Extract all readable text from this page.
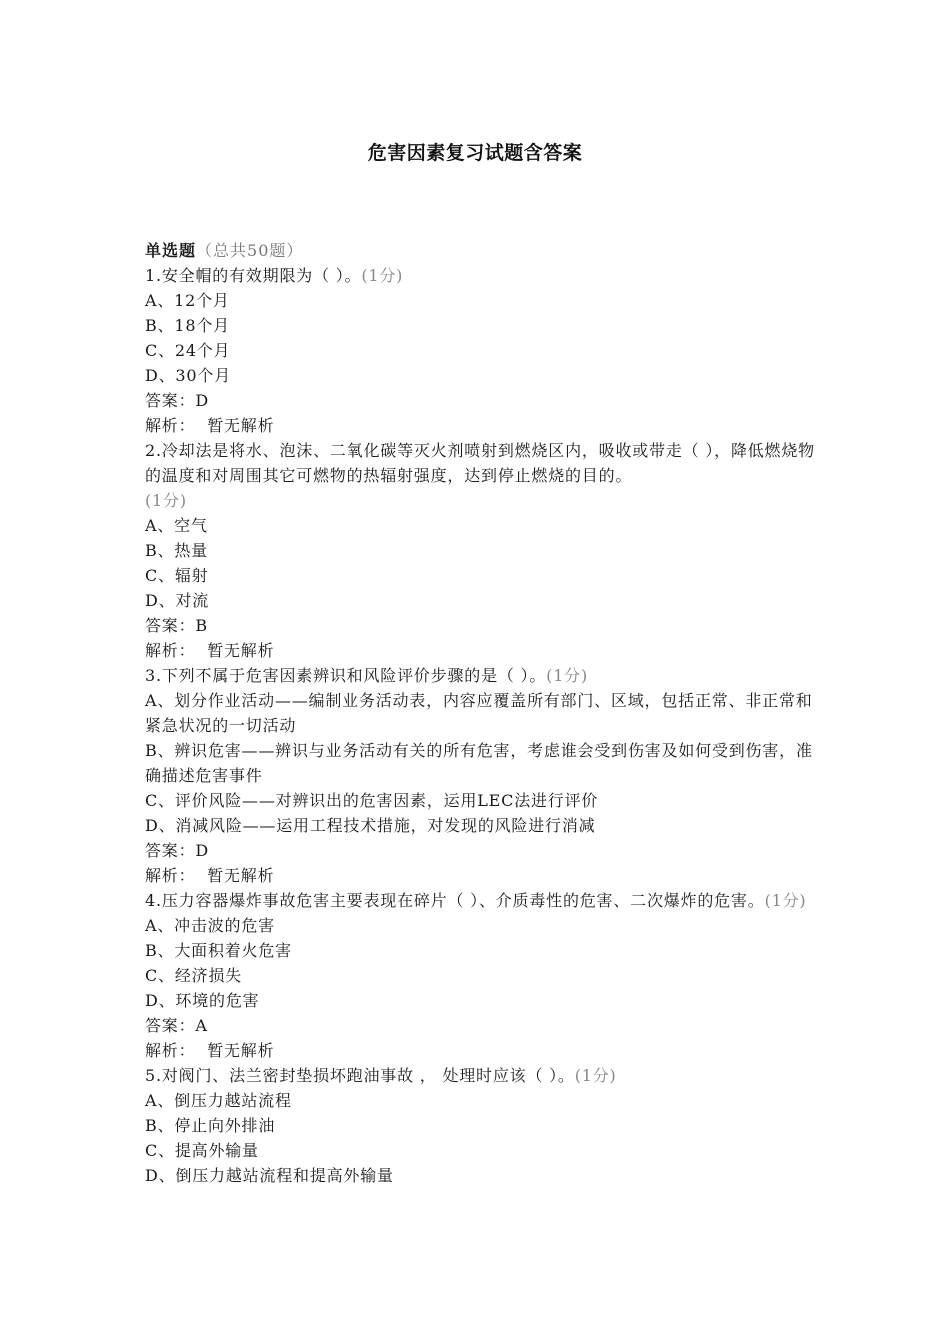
危害因素复习试题含答案

单选题（总共50题）

1.安全帽的有效期限为（ ）。(1分)

A、12个月

B、18个月

C、24个月

D、30个月

答案：D

解析： 暂无解析

2.冷却法是将水、泡沫、二氧化碳等灭火剂喷射到燃烧区内，吸收或带走（ ），降低燃烧物的温度和对周围其它可燃物的热辐射强度，达到停止燃烧的目的。
(1分)

A、空气

B、热量

C、辐射

D、对流

答案：B

解析： 暂无解析

3.下列不属于危害因素辨识和风险评价步骤的是（ ）。(1分)

A、划分作业活动——编制业务活动表，内容应覆盖所有部门、区域，包括正常、非正常和紧急状况的一切活动

B、辨识危害——辨识与业务活动有关的所有危害，考虑谁会受到伤害及如何受到伤害，准确描述危害事件

C、评价风险——对辨识出的危害因素，运用LEC法进行评价

D、消减风险——运用工程技术措施，对发现的风险进行消减

答案：D

解析： 暂无解析

4.压力容器爆炸事故危害主要表现在碎片（ ）、介质毒性的危害、二次爆炸的危害。(1分)

A、冲击波的危害

B、大面积着火危害

C、经济损失

D、环境的危害

答案：A

解析： 暂无解析

5.对阀门、法兰密封垫损坏跑油事故 ， 处理时应该（ ）。(1分)

A、倒压力越站流程

B、停止向外排油

C、提高外输量

D、倒压力越站流程和提高外输量
